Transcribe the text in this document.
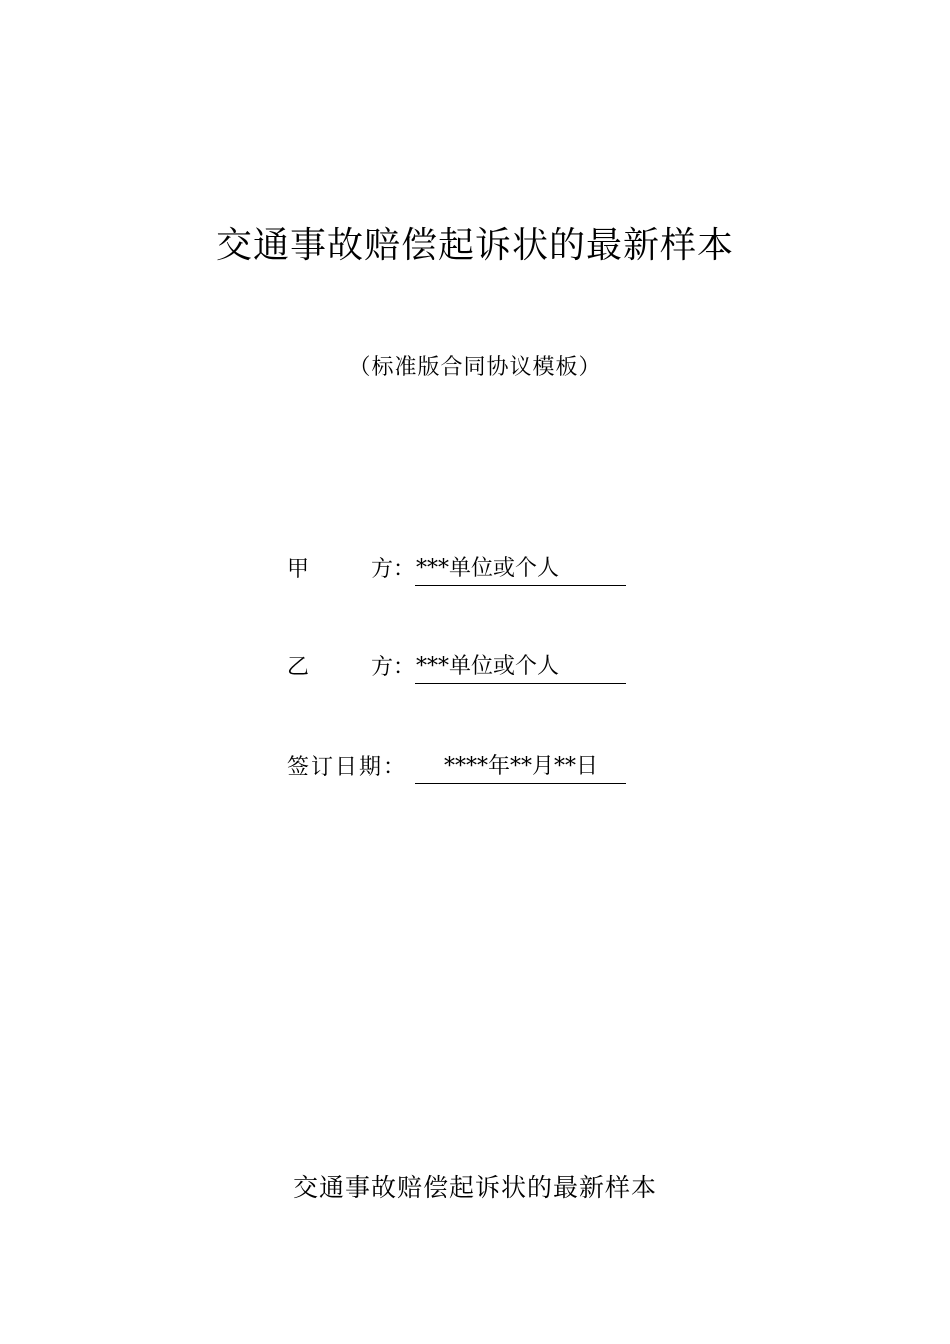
交通事故赔偿起诉状的最新样本
（标准版合同协议模板）
甲	方： ***单位或个人
乙	方： ***单位或个人
签订日期：	****年**月**日
交通事故赔偿起诉状的最新样本
